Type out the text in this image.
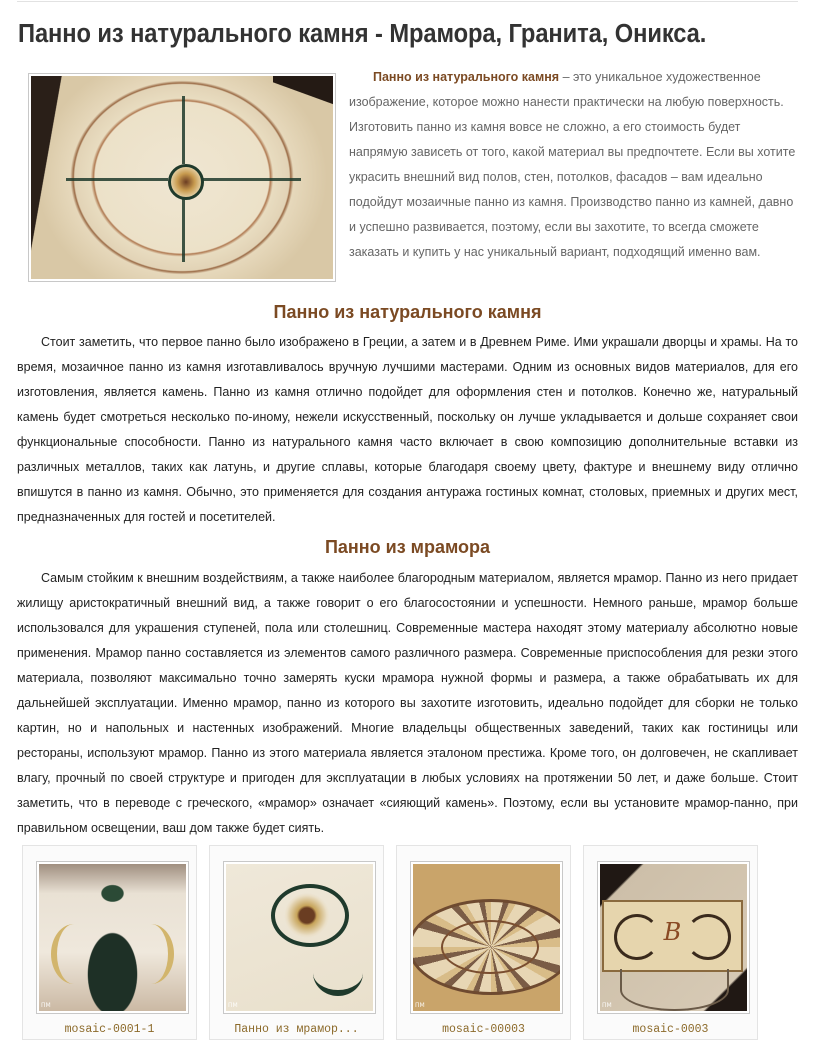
Панно из натурального камня - Мрамора, Гранита, Оникса.

Панно из натурального камня – это уникальное художественное изображение, которое можно нанести практически на любую поверхность. Изготовить панно из камня вовсе не сложно, а его стоимость будет напрямую зависеть от того, какой материал вы предпочтете. Если вы хотите украсить внешний вид полов, стен, потолков, фасадов – вам идеально подойдут мозаичные панно из камня. Производство панно из камней, давно и успешно развивается, поэтому, если вы захотите, то всегда сможете заказать и купить у нас уникальный вариант, подходящий именно вам.

Панно из натурального камня

Стоит заметить, что первое панно было изображено в Греции, а затем и в Древнем Риме. Ими украшали дворцы и храмы. На то время, мозаичное панно из камня изготавливалось вручную лучшими мастерами. Одним из основных видов материалов, для его изготовления, является камень. Панно из камня отлично подойдет для оформления стен и потолков. Конечно же, натуральный камень будет смотреться несколько по-иному, нежели искусственный, поскольку он лучше укладывается и дольше сохраняет свои функциональные способности. Панно из натурального камня часто включает в свою композицию дополнительные вставки из различных металлов, таких как латунь, и другие сплавы, которые благодаря своему цвету, фактуре и внешнему виду отлично впишутся в панно из камня. Обычно, это применяется для создания антуража гостиных комнат, столовых, приемных и других мест, предназначенных для гостей и посетителей.

Панно из мрамора

Самым стойким к внешним воздействиям, а также наиболее благородным материалом, является мрамор. Панно из него придает жилищу аристократичный внешний вид, а также говорит о его благосостоянии и успешности. Немного раньше, мрамор больше использовался для украшения ступеней, пола или столешниц. Современные мастера находят этому материалу абсолютно новые применения. Мрамор панно составляется из элементов самого различного размера. Современные приспособления для резки этого материала, позволяют максимально точно замерять куски мрамора нужной формы и размера, а также обрабатывать их для дальнейшей эксплуатации. Именно мрамор, панно из которого вы захотите изготовить, идеально подойдет для сборки не только картин, но и напольных и настенных изображений. Многие владельцы общественных заведений, таких как гостиницы или рестораны, используют мрамор. Панно из этого материала является эталоном престижа. Кроме того, он долговечен, не скапливает влагу, прочный по своей структуре и пригоден для эксплуатации в любых условиях на протяжении 50 лет, и даже больше. Стоит заметить, что в переводе с греческого, «мрамор» означает «сияющий камень». Поэтому, если вы установите мрамор-панно, при правильном освещении, ваш дом также будет сиять.

ПМ
mosaic-0001-1
ПМ
Панно из мрамор...
ПМ
mosaic-00003
B
ПМ
mosaic-0003
